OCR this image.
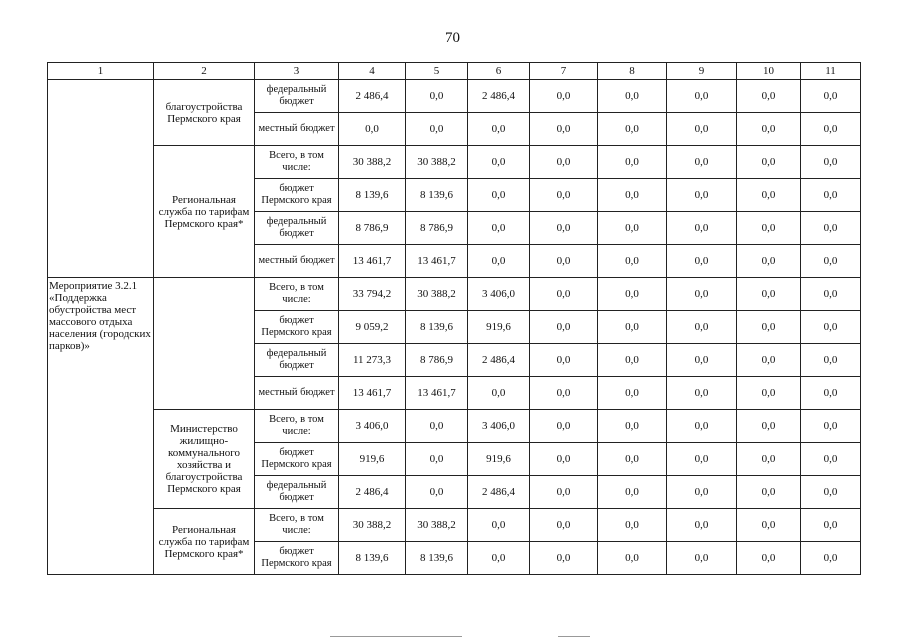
70
1	2	3	4	5	6	7	8	9	10	11
	благоустройства Пермского края	федеральный бюджет	2 486,4	0,0	2 486,4	0,0	0,0	0,0	0,0	0,0
		местный бюджет	0,0	0,0	0,0	0,0	0,0	0,0	0,0	0,0
	Региональная служба по тарифам Пермского края*	Всего, в том числе:	30 388,2	30 388,2	0,0	0,0	0,0	0,0	0,0	0,0
		бюджет Пермского края	8 139,6	8 139,6	0,0	0,0	0,0	0,0	0,0	0,0
		федеральный бюджет	8 786,9	8 786,9	0,0	0,0	0,0	0,0	0,0	0,0
		местный бюджет	13 461,7	13 461,7	0,0	0,0	0,0	0,0	0,0	0,0
Мероприятие 3.2.1 «Поддержка обустройства мест массового отдыха населения (городских парков)»		Всего, в том числе:	33 794,2	30 388,2	3 406,0	0,0	0,0	0,0	0,0	0,0
		бюджет Пермского края	9 059,2	8 139,6	919,6	0,0	0,0	0,0	0,0	0,0
		федеральный бюджет	11 273,3	8 786,9	2 486,4	0,0	0,0	0,0	0,0	0,0
		местный бюджет	13 461,7	13 461,7	0,0	0,0	0,0	0,0	0,0	0,0
	Министерство жилищно-коммунального хозяйства и благоустройства Пермского края	Всего, в том числе:	3 406,0	0,0	3 406,0	0,0	0,0	0,0	0,0	0,0
		бюджет Пермского края	919,6	0,0	919,6	0,0	0,0	0,0	0,0	0,0
		федеральный бюджет	2 486,4	0,0	2 486,4	0,0	0,0	0,0	0,0	0,0
	Региональная служба по тарифам Пермского края*	Всего, в том числе:	30 388,2	30 388,2	0,0	0,0	0,0	0,0	0,0	0,0
		бюджет Пермского края	8 139,6	8 139,6	0,0	0,0	0,0	0,0	0,0	0,0
